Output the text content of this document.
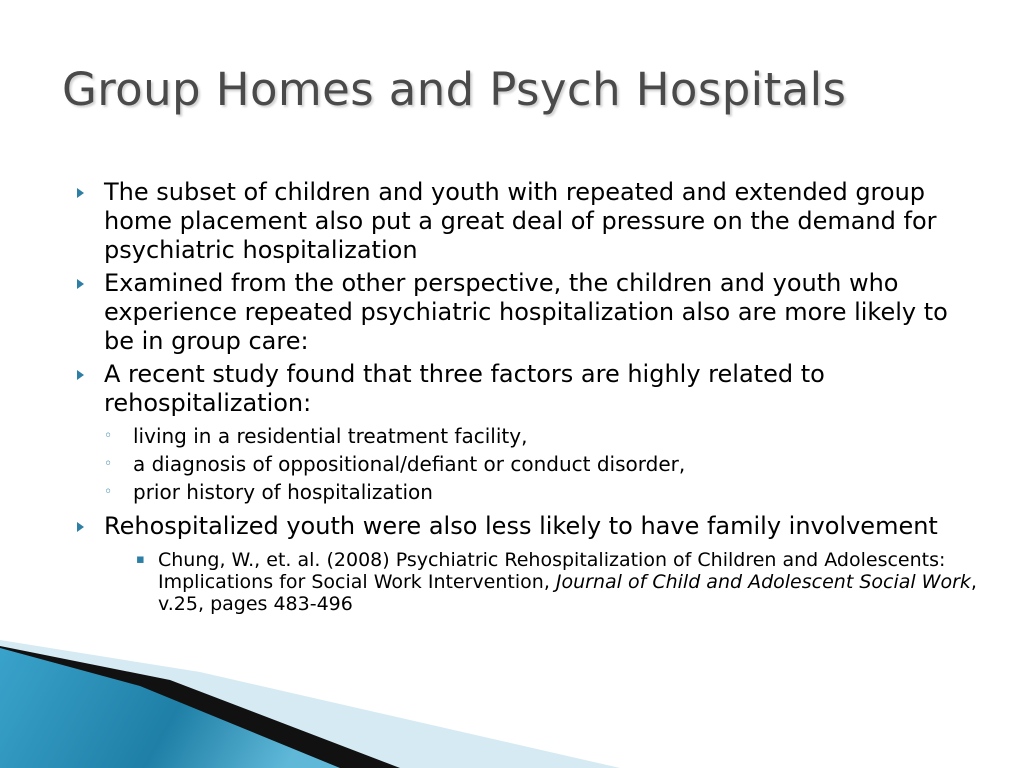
Group Homes and Psych Hospitals
The subset of children and youth with repeated and extended group home placement also put a great deal of pressure on the demand for psychiatric hospitalization
Examined from the other perspective, the children and youth who experience repeated psychiatric hospitalization also are more likely to be in group care:
A recent study found that three factors are highly related to rehospitalization:
◦ living in a residential treatment facility,
◦ a diagnosis of oppositional/defiant or conduct disorder,
◦ prior history of hospitalization
Rehospitalized youth were also less likely to have family involvement
▪ Chung, W., et. al. (2008) Psychiatric Rehospitalization of Children and Adolescents: Implications for Social Work Intervention, Journal of Child and Adolescent Social Work, v.25, pages 483-496
